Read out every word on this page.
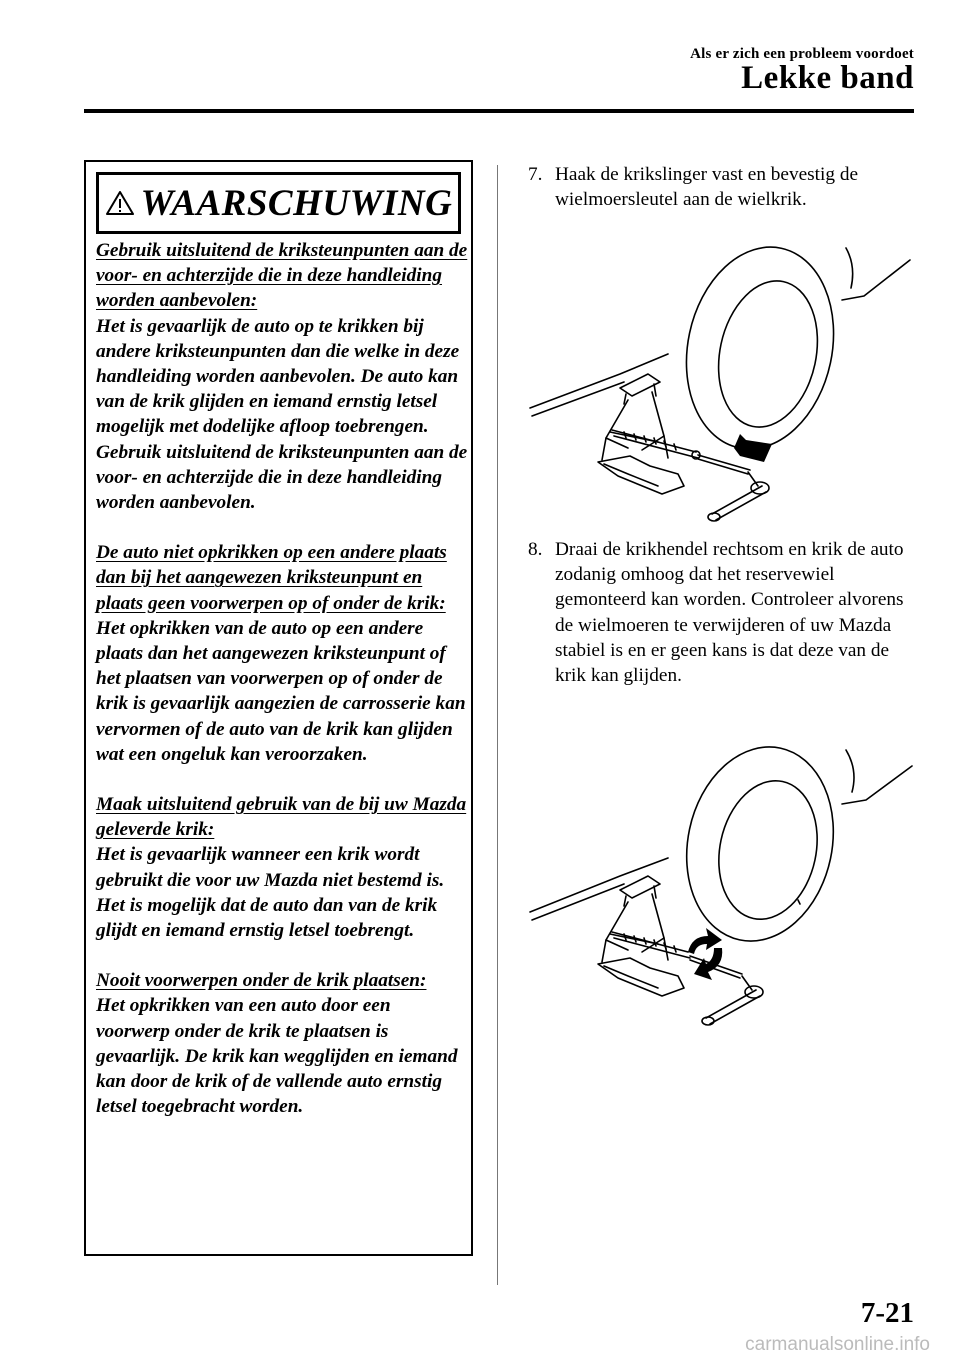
Als er zich een probleem voordoet
Lekke band
WAARSCHUWING

Gebruik uitsluitend de kriksteunpunten aan de voor- en achterzijde die in deze handleiding worden aanbevolen:
Het is gevaarlijk de auto op te krikken bij andere kriksteunpunten dan die welke in deze handleiding worden aanbevolen. De auto kan van de krik glijden en iemand ernstig letsel mogelijk met dodelijke afloop toebrengen. Gebruik uitsluitend de kriksteunpunten aan de voor- en achterzijde die in deze handleiding worden aanbevolen.

De auto niet opkrikken op een andere plaats dan bij het aangewezen kriksteunpunt en plaats geen voorwerpen op of onder de krik:
Het opkrikken van de auto op een andere plaats dan het aangewezen kriksteunpunt of het plaatsen van voorwerpen op of onder de krik is gevaarlijk aangezien de carrosserie kan vervormen of de auto van de krik kan glijden wat een ongeluk kan veroorzaken.

Maak uitsluitend gebruik van de bij uw Mazda geleverde krik:
Het is gevaarlijk wanneer een krik wordt gebruikt die voor uw Mazda niet bestemd is. Het is mogelijk dat de auto dan van de krik glijdt en iemand ernstig letsel toebrengt.

Nooit voorwerpen onder de krik plaatsen:
Het opkrikken van een auto door een voorwerp onder de krik te plaatsen is gevaarlijk. De krik kan wegglijden en iemand kan door de krik of de vallende auto ernstig letsel toegebracht worden.

7. Haak de krikslinger vast en bevestig de wielmoersleutel aan de wielkrik.
8. Draai de krikhendel rechtsom en krik de auto zodanig omhoog dat het reservewiel gemonteerd kan worden. Controleer alvorens de wielmoeren te verwijderen of uw Mazda stabiel is en er geen kans is dat deze van de krik kan glijden.
7-21
carmanualsonline.info
